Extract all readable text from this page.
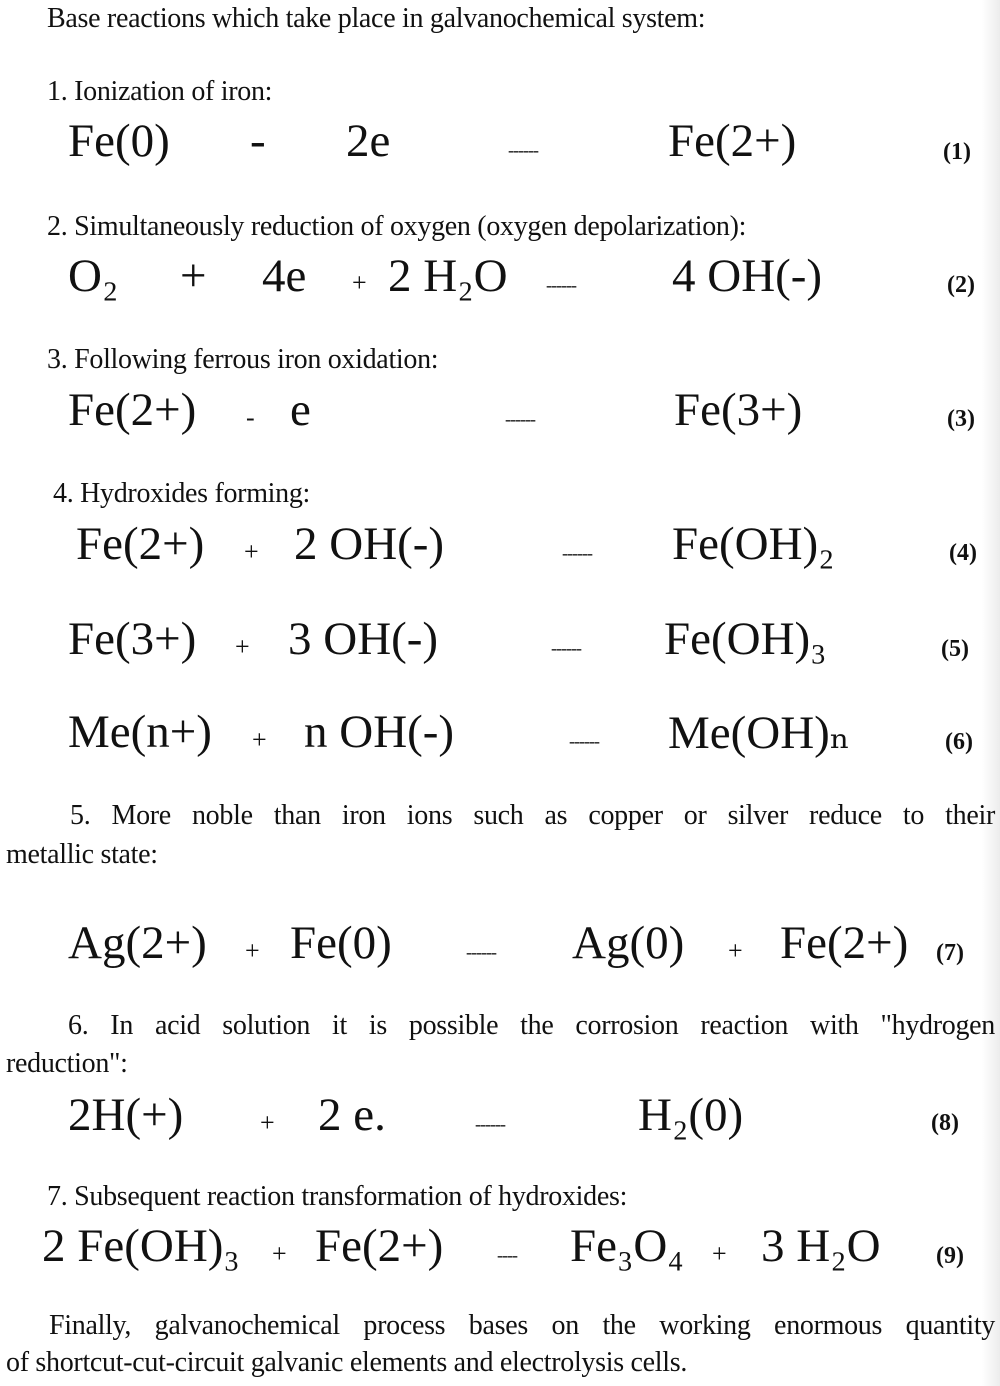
Base reactions which take place in galvanochemical system:
1. Ionization of iron:
Fe(0) - 2e	------	Fe(2+)	(1)
2. Simultaneously reduction of oxygen (oxygen depolarization):
O₂ + 4e + 2 H₂O ------ 4 OH(-)	(2)
3. Following ferrous iron oxidation:
Fe(2+) - e	------	Fe(3+)	(3)
4. Hydroxides forming:
Fe(2+) + 2 OH(-)	------ Fe(OH)₂	(4)
Fe(3+) + 3 OH(-)	------ Fe(OH)₃	(5)
Me(n+) + n OH(-)	------ Me(OH)ₙ	(6)
5. More noble than iron ions such as copper or silver reduce to their
metallic state:
Ag(2+) + Fe(0)	------ Ag(0) + Fe(2+) (7)
6. In acid solution it is possible the corrosion reaction with "hydrogen
reduction":
2H(+)	+ 2 e.	------	H₂(0)	(8)
7. Subsequent reaction transformation of hydroxides:
2 Fe(OH)₃ + Fe(2+)	---- Fe₃O₄ + 3 H₂O (9)
Finally, galvanochemical process bases on the working enormous quantity
of shortcut-cut-circuit galvanic elements and electrolysis cells.
